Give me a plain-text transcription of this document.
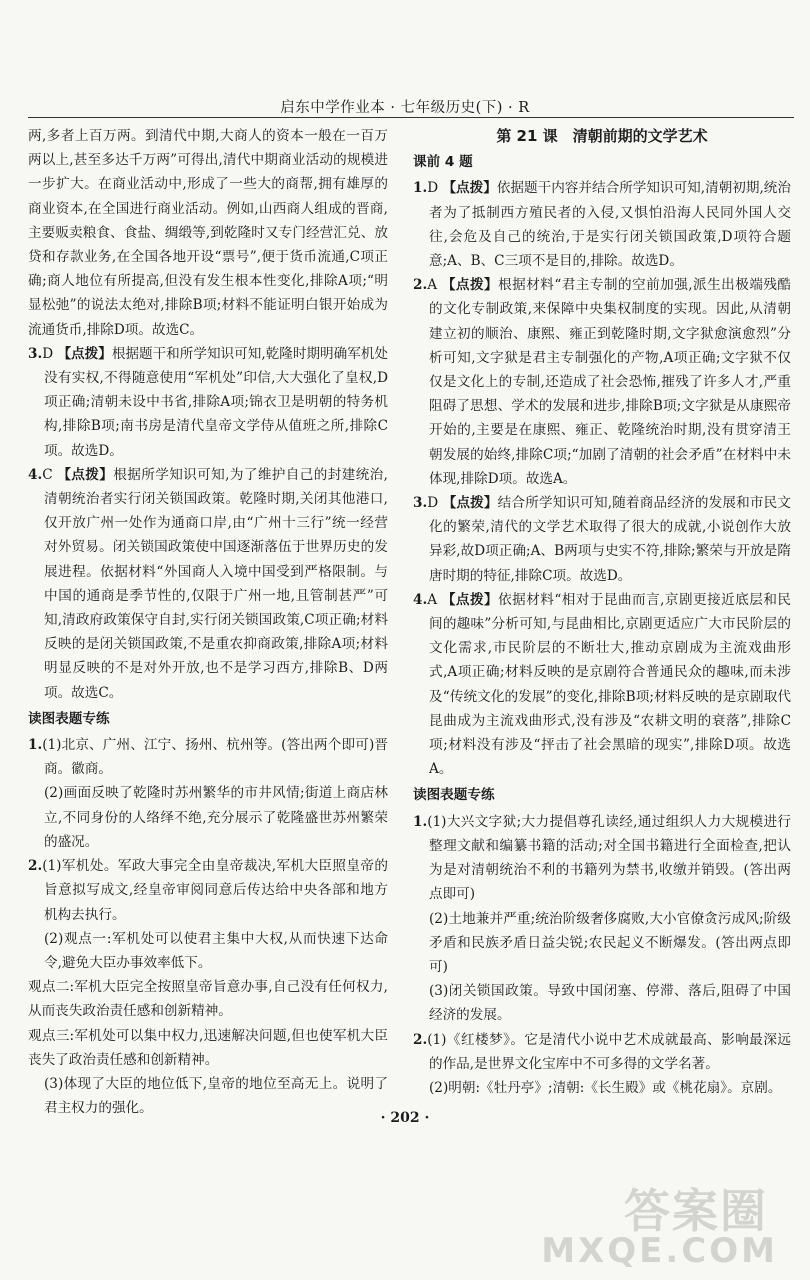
启东中学作业本 · 七年级历史(下) · R

两,多者上百万两。到清代中期,大商人的资本一般在一百万两以上,甚至多达千万两”可得出,清代中期商业活动的规模进一步扩大。在商业活动中,形成了一些大的商帮,拥有雄厚的商业资本,在全国进行商业活动。例如,山西商人组成的晋商,主要贩卖粮食、食盐、绸缎等,到乾隆时又专门经营汇兑、放贷和存款业务,在全国各地开设“票号”,便于货币流通,C项正确;商人地位有所提高,但没有发生根本性变化,排除A项;“明显松弛”的说法太绝对,排除B项;材料不能证明白银开始成为流通货币,排除D项。故选C。

3.D 【点拨】根据题干和所学知识可知,乾隆时期明确军机处没有实权,不得随意使用“军机处”印信,大大强化了皇权,D项正确;清朝未设中书省,排除A项;锦衣卫是明朝的特务机构,排除B项;南书房是清代皇帝文学侍从值班之所,排除C项。故选D。

4.C 【点拨】根据所学知识可知,为了维护自己的封建统治,清朝统治者实行闭关锁国政策。乾隆时期,关闭其他港口,仅开放广州一处作为通商口岸,由“广州十三行”统一经营对外贸易。闭关锁国政策使中国逐渐落伍于世界历史的发展进程。依据材料“外国商人入境中国受到严格限制。与中国的通商是季节性的,仅限于广州一地,且管制甚严”可知,清政府政策保守自封,实行闭关锁国政策,C项正确;材料反映的是闭关锁国政策,不是重农抑商政策,排除A项;材料明显反映的不是对外开放,也不是学习西方,排除B、D两项。故选C。

读图表题专练

1.(1)北京、广州、江宁、扬州、杭州等。(答出两个即可)晋商。徽商。

(2)画面反映了乾隆时苏州繁华的市井风情;街道上商店林立,不同身份的人络绎不绝,充分展示了乾隆盛世苏州繁荣的盛况。

2.(1)军机处。军政大事完全由皇帝裁决,军机大臣照皇帝的旨意拟写成文,经皇帝审阅同意后传达给中央各部和地方机构去执行。

(2)观点一:军机处可以使君主集中大权,从而快速下达命令,避免大臣办事效率低下。

观点二:军机大臣完全按照皇帝旨意办事,自己没有任何权力,从而丧失政治责任感和创新精神。

观点三:军机处可以集中权力,迅速解决问题,但也使军机大臣丧失了政治责任感和创新精神。

(3)体现了大臣的地位低下,皇帝的地位至高无上。说明了君主权力的强化。

第 21 课　清朝前期的文学艺术
课前 4 题

1.D 【点拨】依据题干内容并结合所学知识可知,清朝初期,统治者为了抵制西方殖民者的入侵,又惧怕沿海人民同外国人交往,会危及自己的统治,于是实行闭关锁国政策,D项符合题意;A、B、C三项不是目的,排除。故选D。

2.A 【点拨】根据材料“君主专制的空前加强,派生出极端残酷的文化专制政策,来保障中央集权制度的实现。因此,从清朝建立初的顺治、康熙、雍正到乾隆时期,文字狱愈演愈烈”分析可知,文字狱是君主专制强化的产物,A项正确;文字狱不仅仅是文化上的专制,还造成了社会恐怖,摧残了许多人才,严重阻碍了思想、学术的发展和进步,排除B项;文字狱是从康熙帝开始的,主要是在康熙、雍正、乾隆统治时期,没有贯穿清王朝发展的始终,排除C项;“加剧了清朝的社会矛盾”在材料中未体现,排除D项。故选A。

3.D 【点拨】结合所学知识可知,随着商品经济的发展和市民文化的繁荣,清代的文学艺术取得了很大的成就,小说创作大放异彩,故D项正确;A、B两项与史实不符,排除;繁荣与开放是隋唐时期的特征,排除C项。故选D。

4.A 【点拨】依据材料“相对于昆曲而言,京剧更接近底层和民间的趣味”分析可知,与昆曲相比,京剧更适应广大市民阶层的文化需求,市民阶层的不断壮大,推动京剧成为主流戏曲形式,A项正确;材料反映的是京剧符合普通民众的趣味,而未涉及“传统文化的发展”的变化,排除B项;材料反映的是京剧取代昆曲成为主流戏曲形式,没有涉及“农耕文明的衰落”,排除C项;材料没有涉及“抨击了社会黑暗的现实”,排除D项。故选A。

读图表题专练

1.(1)大兴文字狱;大力提倡尊孔读经,通过组织人力大规模进行整理文献和编纂书籍的活动;对全国书籍进行全面检查,把认为是对清朝统治不利的书籍列为禁书,收缴并销毁。(答出两点即可)

(2)土地兼并严重;统治阶级奢侈腐败,大小官僚贪污成风;阶级矛盾和民族矛盾日益尖锐;农民起义不断爆发。(答出两点即可)

(3)闭关锁国政策。导致中国闭塞、停滞、落后,阻碍了中国经济的发展。

2.(1)《红楼梦》。它是清代小说中艺术成就最高、影响最深远的作品,是世界文化宝库中不可多得的文学名著。

(2)明朝:《牡丹亭》;清朝:《长生殿》或《桃花扇》。京剧。

· 202 ·
答案圈
MXQE.COM
